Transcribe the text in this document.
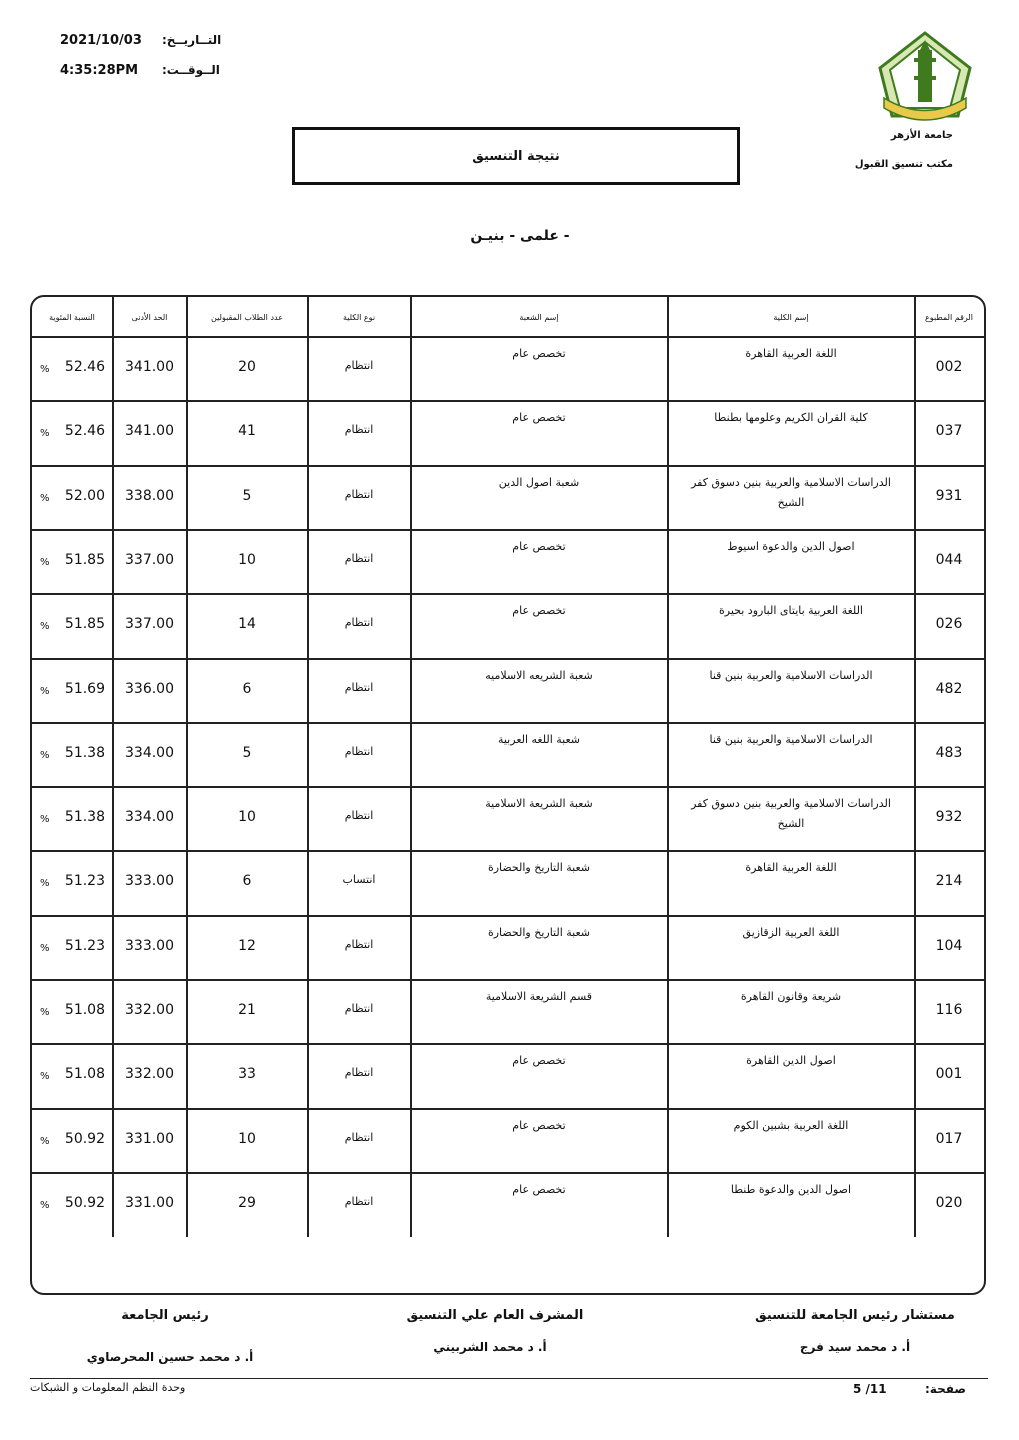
2021/10/03 التــاريــخ:
4:35:28PM الــوقــت:
جامعة الأزهر
مكتب تنسيق القبول
نتيجة التنسيق
- علمى - بنيـن
الرقم المطبوع
إسم الكلية
إسم الشعبة
نوع الكلية
عدد الطلاب المقبولين
الحد الأدنى
النسبة المئوية
002
اللغة العربية القاهرة
تخصص عام
انتظام
20
341.00
52.46
%
037
كلية القران الكريم وعلومها بطنطا
تخصص عام
انتظام
41
341.00
52.46
%
931
الدراسات الاسلامية والعربية بنين دسوق كفر الشيخ
شعبة اصول الدين
انتظام
5
338.00
52.00
%
044
اصول الدين والدعوة اسيوط
تخصص عام
انتظام
10
337.00
51.85
%
026
اللغة العربية بايتاى البارود بحيرة
تخصص عام
انتظام
14
337.00
51.85
%
482
الدراسات الاسلامية والعربية بنين قنا
شعبة الشريعه الاسلاميه
انتظام
6
336.00
51.69
%
483
الدراسات الاسلامية والعربية بنين قنا
شعبة اللغه العربية
انتظام
5
334.00
51.38
%
932
الدراسات الاسلامية والعربية بنين دسوق كفر الشيخ
شعبة الشريعة الاسلامية
انتظام
10
334.00
51.38
%
214
اللغة العربية القاهرة
شعبة التاريخ والحضارة
انتساب
6
333.00
51.23
%
104
اللغة العربية الزقازيق
شعبة التاريخ والحضارة
انتظام
12
333.00
51.23
%
116
شريعة وقانون القاهرة
قسم الشريعة الاسلامية
انتظام
21
332.00
51.08
%
001
اصول الدين القاهرة
تخصص عام
انتظام
33
332.00
51.08
%
017
اللغة العربية بشبين الكوم
تخصص عام
انتظام
10
331.00
50.92
%
020
اصول الدين والدعوة طنطا
تخصص عام
انتظام
29
331.00
50.92
%
مستشار رئيس الجامعة للتنسيق
أ. د محمد سيد فرج
المشرف العام علي التنسيق
أ. د محمد الشربيني
رئيس الجامعة
أ. د محمد حسين المحرصاوي
صفحة:
5 /11
وحدة النظم المعلومات و الشبكات
